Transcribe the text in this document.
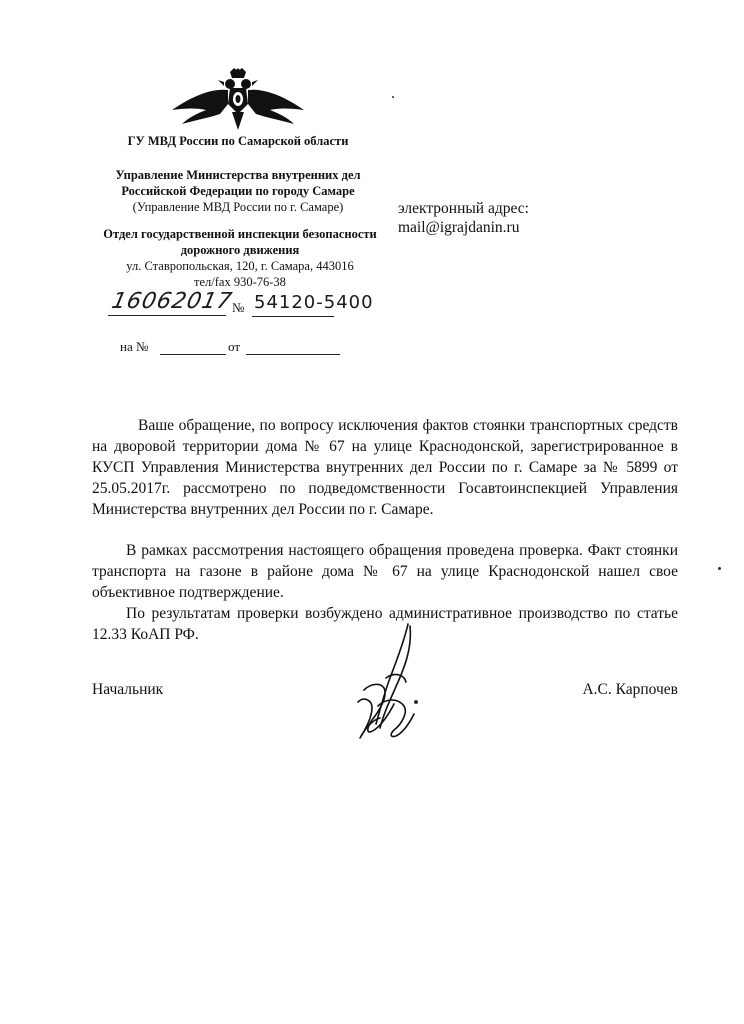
ГУ МВД России по Самарской области
Управление Министерства внутренних дел
Российской Федерации по городу Самаре
(Управление МВД России по г. Самаре)
Отдел государственной инспекции безопасности
дорожного движения
ул. Ставропольская, 120, г. Самара, 443016
тел/fax 930-76-38
электронный адрес:
mail@igrajdanin.ru
16062017
№ 54120-5400
на №	от
Ваше обращение, по вопросу исключения фактов стоянки транспортных средств на дворовой территории дома № 67 на улице Краснодонской, зарегистрированное в КУСП Управления Министерства внутренних дел России по г. Самаре за № 5899 от 25.05.2017г. рассмотрено по подведомственности Госавтоинспекцией Управления Министерства внутренних дел России по г. Самаре.
В рамках рассмотрения настоящего обращения проведена проверка. Факт стоянки транспорта на газоне в районе дома № 67 на улице Краснодонской нашел свое объективное подтверждение.
По результатам проверки возбуждено административное производство по статье 12.33 КоАП РФ.
Начальник	А.С. Карпочев
